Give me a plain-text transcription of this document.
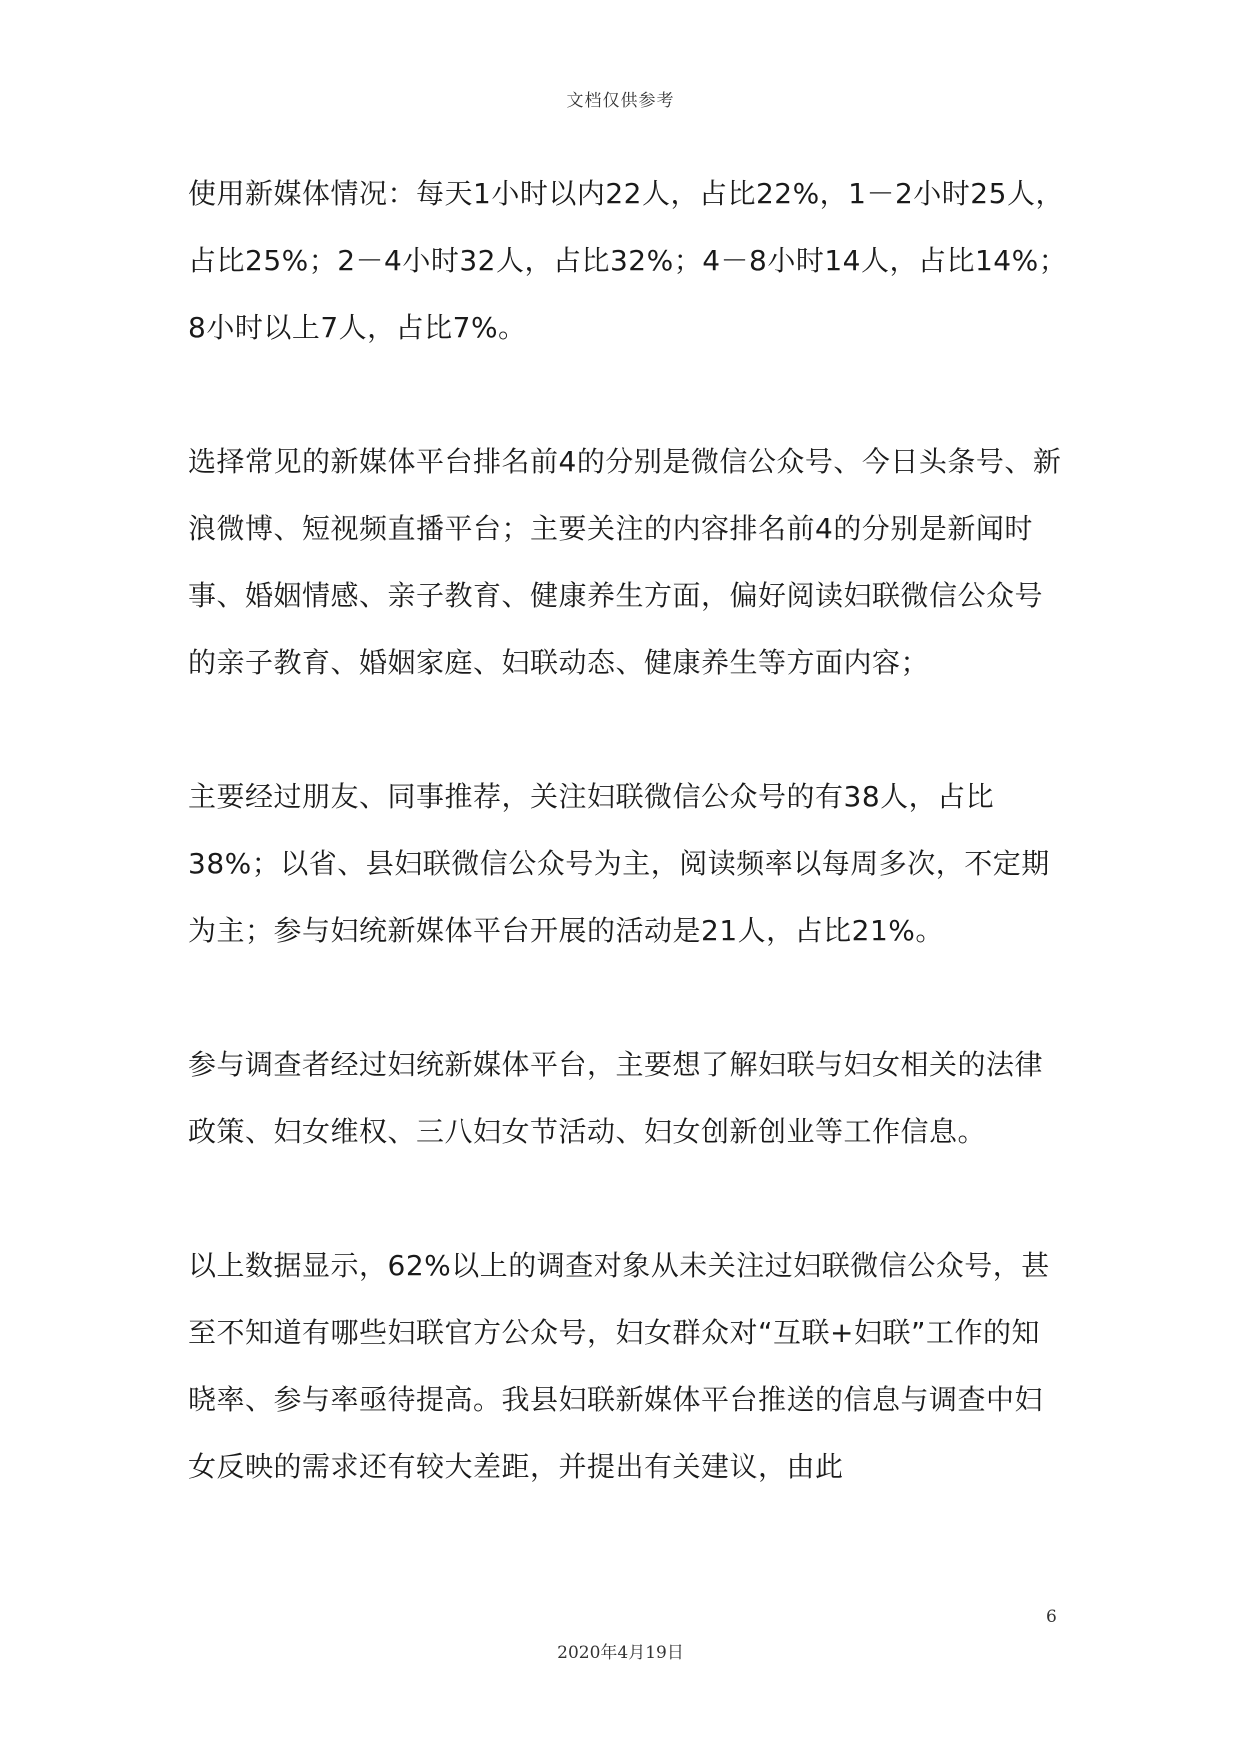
文档仅供参考

使用新媒体情况：每天1小时以内22人，占比22%，1－2小时25人，占比25%；2－4小时32人，占比32%；4－8小时14人，占比14%；8小时以上7人，占比7%。

选择常见的新媒体平台排名前4的分别是微信公众号、今日头条号、新浪微博、短视频直播平台；主要关注的内容排名前4的分别是新闻时事、婚姻情感、亲子教育、健康养生方面，偏好阅读妇联微信公众号的亲子教育、婚姻家庭、妇联动态、健康养生等方面内容；

主要经过朋友、同事推荐，关注妇联微信公众号的有38人，占比38%；以省、县妇联微信公众号为主，阅读频率以每周多次，不定期为主；参与妇统新媒体平台开展的活动是21人，占比21%。

参与调查者经过妇统新媒体平台，主要想了解妇联与妇女相关的法律政策、妇女维权、三八妇女节活动、妇女创新创业等工作信息。

以上数据显示，62%以上的调查对象从未关注过妇联微信公众号，甚至不知道有哪些妇联官方公众号，妇女群众对“互联+妇联”工作的知晓率、参与率亟待提高。我县妇联新媒体平台推送的信息与调查中妇女反映的需求还有较大差距，并提出有关建议，由此

6
2020年4月19日
